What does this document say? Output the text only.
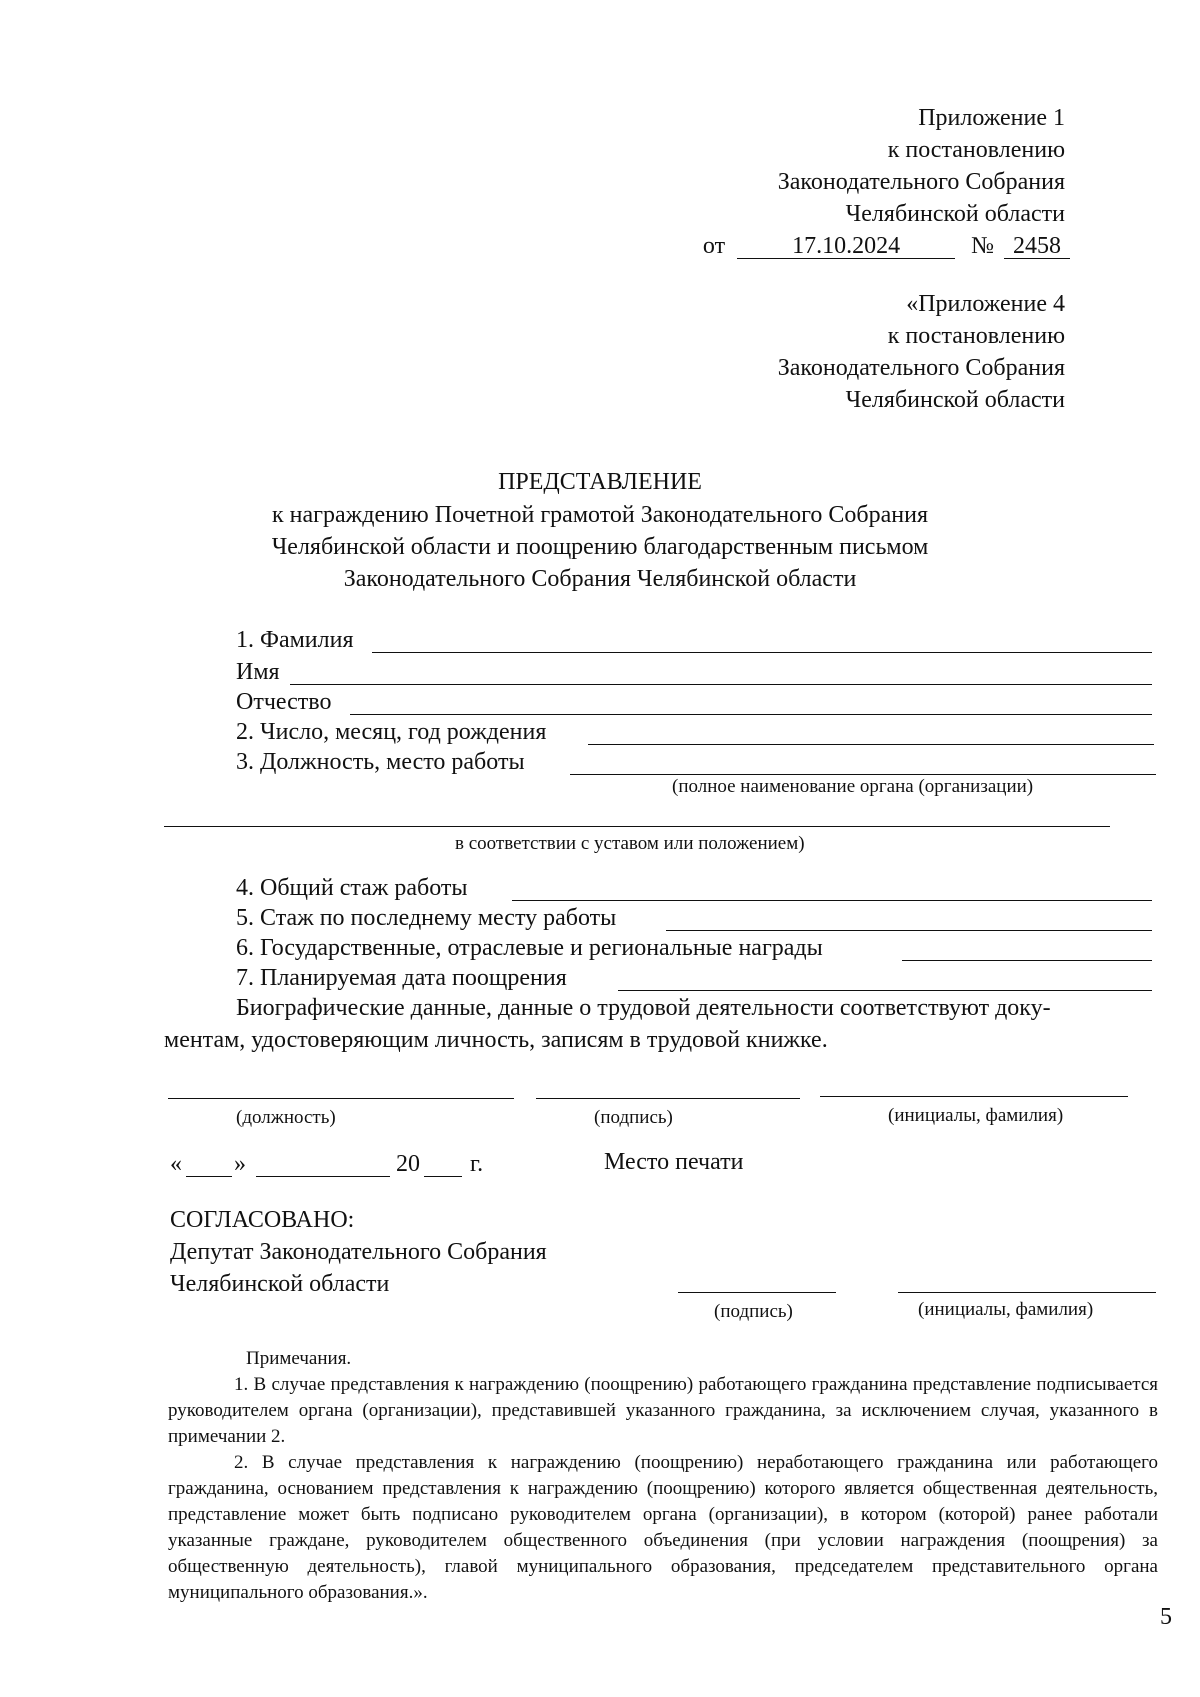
Приложение 1
к постановлению
Законодательного Собрания
Челябинской области
от	17.10.2024	№ 2458
«Приложение 4
к постановлению
Законодательного Собрания
Челябинской области
ПРЕДСТАВЛЕНИЕ
к награждению Почетной грамотой Законодательного Собрания
Челябинской области и поощрению благодарственным письмом
Законодательного Собрания Челябинской области
1. Фамилия
Имя
Отчество
2. Число, месяц, год рождения
3. Должность, место работы
(полное наименование органа (организации)
в соответствии с уставом или положением)
4. Общий стаж работы
5. Стаж по последнему месту работы
6. Государственные, отраслевые и региональные награды
7. Планируемая дата поощрения
Биографические данные, данные о трудовой деятельности соответствуют доку-
ментам, удостоверяющим личность, записям в трудовой книжке.
(должность)	(подпись)	(инициалы, фамилия)
« »	20 г.	Место печати
СОГЛАСОВАНО:
Депутат Законодательного Собрания
Челябинской области
(подпись)	(инициалы, фамилия)

Примечания.

1. В случае представления к награждению (поощрению) работающего гражданина представление подписывается руководителем органа (организации), представившей указанного гражданина, за исключением случая, указанного в примечании 2.

2. В случае представления к награждению (поощрению) неработающего гражданина или работающего гражданина, основанием представления к награждению (поощрению) которого является общественная деятельность, представление может быть подписано руководителем органа (организации), в котором (которой) ранее работали указанные граждане, руководителем общественного объединения (при условии награждения (поощрения) за общественную деятельность), главой муниципального образования, председателем представительного органа муниципального образования.».

5
